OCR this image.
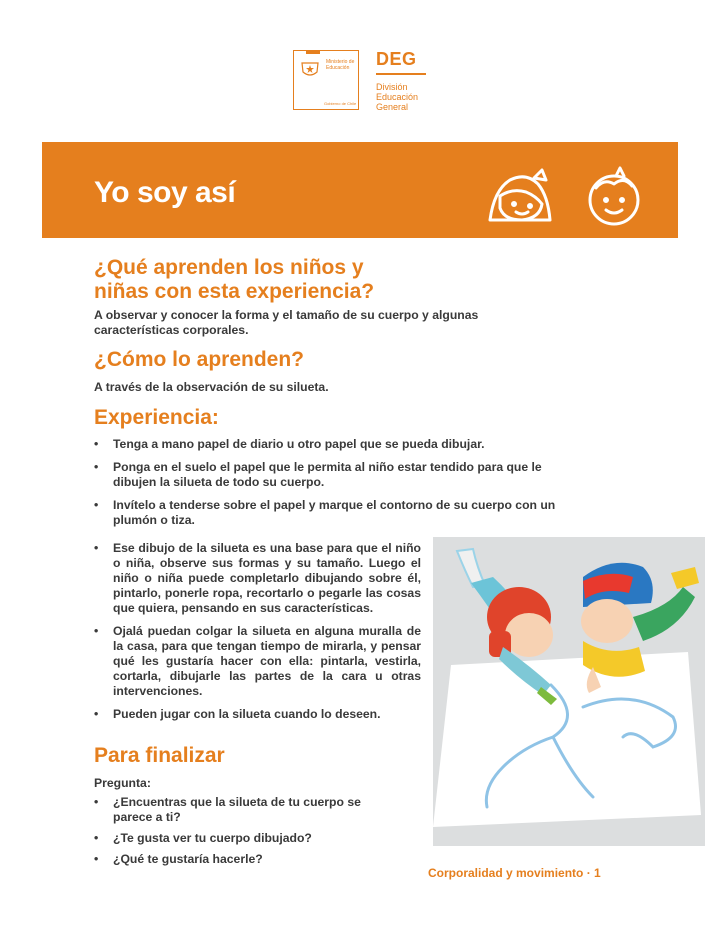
Ministerio de Educación
Gobierno de Chile
DEG
División
Educación
General
Yo soy así
¿Qué aprenden los niños y
niñas con esta experiencia?

A observar y conocer la forma y el tamaño de su cuerpo y algunas características corporales.

¿Cómo lo aprenden?

A través de la observación de su silueta.

Experiencia:
• Tenga a mano papel de diario u otro papel que se pueda dibujar.
• Ponga en el suelo el papel que le permita al niño estar tendido para que le dibujen la silueta de todo su cuerpo.
• Invítelo a tenderse sobre el papel y marque el contorno de su cuerpo con un plumón o tiza.
• Ese dibujo de la silueta es una base para que el niño o niña, observe sus formas y su tamaño. Luego el niño o niña puede completarlo dibujando sobre él, pintarlo, ponerle ropa, recortarlo o pegarle las cosas que quiera, pensando en sus características.
• Ojalá puedan colgar la silueta en alguna muralla de la casa, para que tengan tiempo de mirarla, y pensar qué les gustaría hacer con ella: pintarla, vestirla, cortarla, dibujarle las partes de la cara u otras intervenciones.
• Pueden jugar con la silueta cuando lo deseen.
Para finalizar

Pregunta:

• ¿Encuentras que la silueta de tu cuerpo se parece a ti?
• ¿Te gusta ver tu cuerpo dibujado?
• ¿Qué te gustaría hacerle?
Corporalidad y movimiento · 1
